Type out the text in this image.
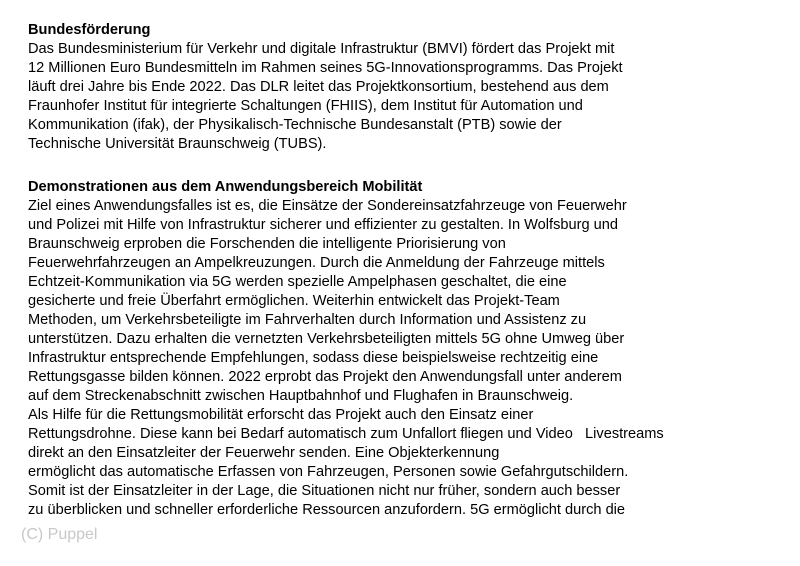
Bundesförderung
Das Bundesministerium für Verkehr und digitale Infrastruktur (BMVI) fördert das Projekt mit
12 Millionen Euro Bundesmitteln im Rahmen seines 5G-Innovationsprogramms. Das Projekt
läuft drei Jahre bis Ende 2022. Das DLR leitet das Projektkonsortium, bestehend aus dem
Fraunhofer Institut für integrierte Schaltungen (FHIIS), dem Institut für Automation und
Kommunikation (ifak), der Physikalisch-Technische Bundesanstalt (PTB) sowie der
Technische Universität Braunschweig (TUBS).
Demonstrationen aus dem Anwendungsbereich Mobilität
Ziel eines Anwendungsfalles ist es, die Einsätze der Sondereinsatzfahrzeuge von Feuerwehr
und Polizei mit Hilfe von Infrastruktur sicherer und effizienter zu gestalten. In Wolfsburg und
Braunschweig erproben die Forschenden die intelligente Priorisierung von
Feuerwehrfahrzeugen an Ampelkreuzungen. Durch die Anmeldung der Fahrzeuge mittels
Echtzeit-Kommunikation via 5G werden spezielle Ampelphasen geschaltet, die eine
gesicherte und freie Überfahrt ermöglichen. Weiterhin entwickelt das Projekt-Team
Methoden, um Verkehrsbeteiligte im Fahrverhalten durch Information und Assistenz zu
unterstützen. Dazu erhalten die vernetzten Verkehrsbeteiligten mittels 5G ohne Umweg über
Infrastruktur entsprechende Empfehlungen, sodass diese beispielsweise rechtzeitig eine
Rettungsgasse bilden können. 2022 erprobt das Projekt den Anwendungsfall unter anderem
auf dem Streckenabschnitt zwischen Hauptbahnhof und Flughafen in Braunschweig.
Als Hilfe für die Rettungsmobilität erforscht das Projekt auch den Einsatz einer
Rettungsdrohne. Diese kann bei Bedarf automatisch zum Unfallort fliegen und Video   Livestreams
direkt an den Einsatzleiter der Feuerwehr senden. Eine Objekterkennung
ermöglicht das automatische Erfassen von Fahrzeugen, Personen sowie Gefahrgutschildern.
Somit ist der Einsatzleiter in der Lage, die Situationen nicht nur früher, sondern auch besser
zu überblicken und schneller erforderliche Ressourcen anzufordern. 5G ermöglicht durch die
(C) Puppel
